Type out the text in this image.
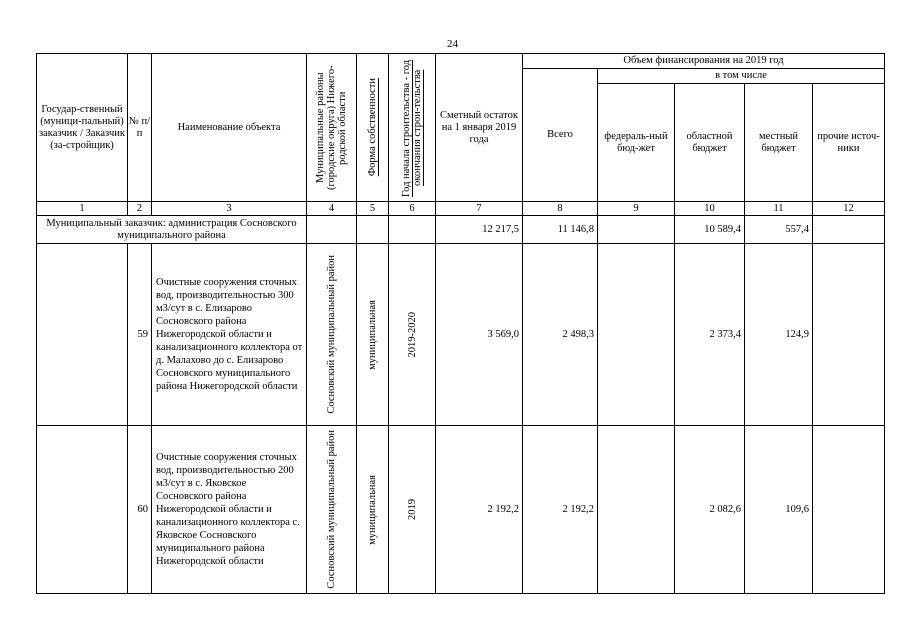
24
Государ-ственный (муници-пальный) заказчик / Заказчик (за-стройщик)	№ п/п	Наименование объекта	Муниципальные районы (городские округа) Нижего-родской области	Форма собственности	Год начала строительства - год окончания строи-тельства	Сметный остаток на 1 января 2019 года	Объем финансирования на 2019 год				
							Всего	в том числе			
								федераль-ный бюд-жет	областной бюджет	местный бюджет	прочие источ-ники
1	2	3	4	5	6	7	8	9	10	11	12
Муниципальный заказчик: администрация Сосновского муниципального района						12 217,5	11 146,8		10 589,4	557,4	
	59	Очистные сооружения сточных вод, производительностью 300 м3/сут в с. Елизарово Сосновского района Нижегородской области и канализационного коллектора от д. Малахово до с. Елизарово Сосновского муниципального района Нижегородской области	Сосновский муниципальный район	муниципальная	2019-2020	3 569,0	2 498,3		2 373,4	124,9	
	60	Очистные сооружения сточных вод, производительностью 200 м3/сут в с. Яковское Сосновского района Нижегородской области и канализационного коллектора с. Яковское Сосновского муниципального района Нижегородской области	Сосновский муниципальный район	муниципальная	2019	2 192,2	2 192,2		2 082,6	109,6	
